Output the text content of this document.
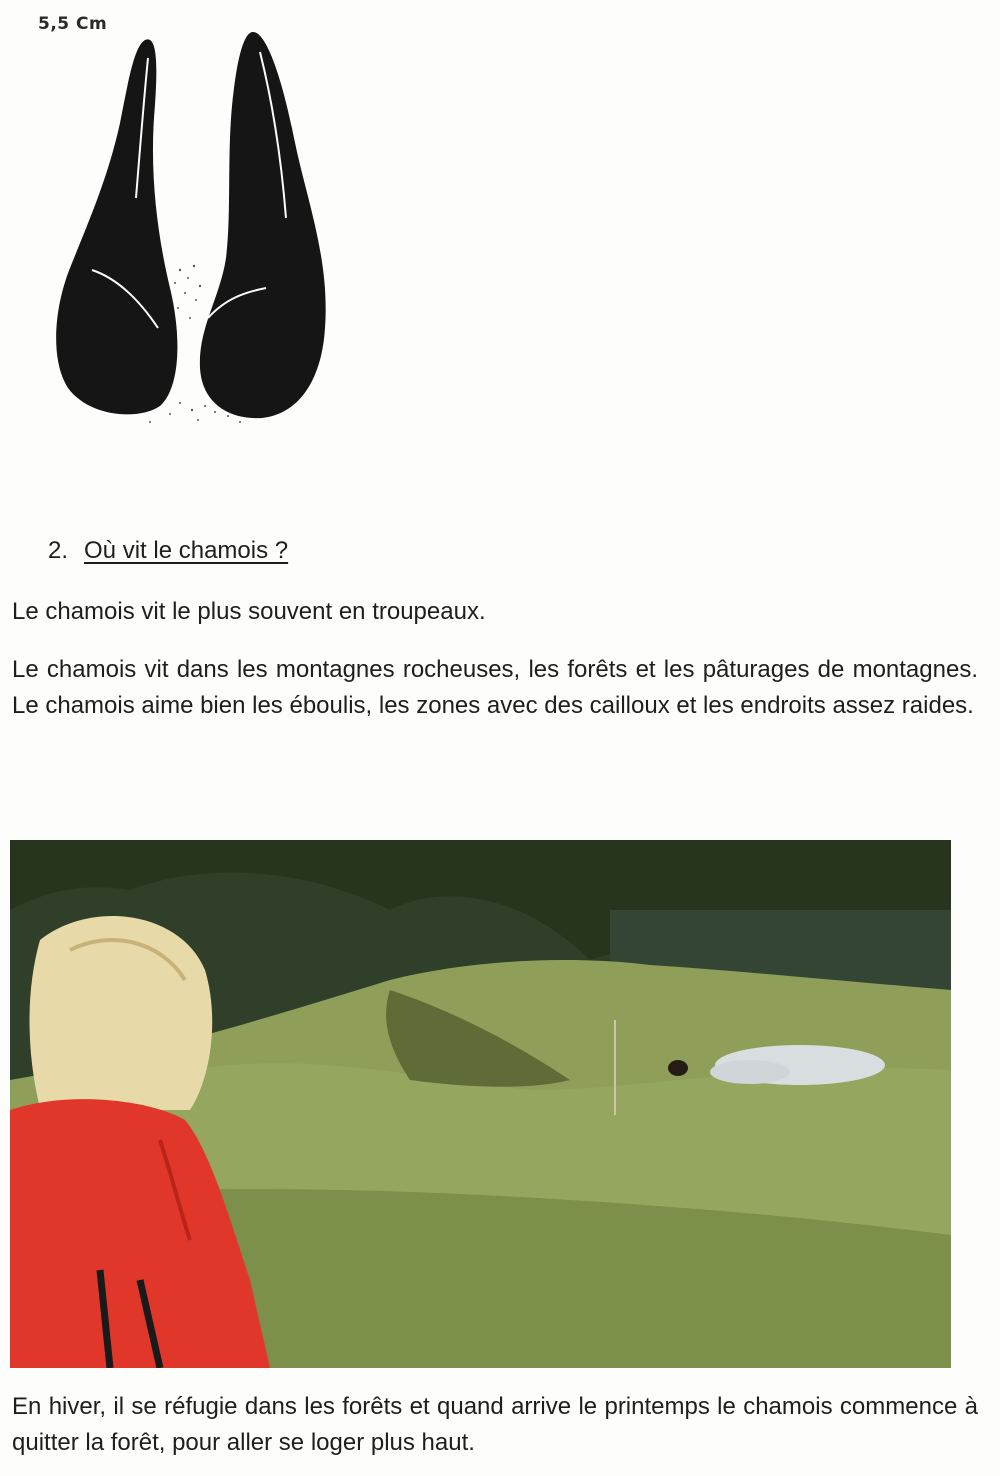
5,5 Cm
2. Où vit le chamois ?

Le chamois vit le plus souvent en troupeaux.

Le chamois vit dans les montagnes rocheuses, les forêts et les pâturages de montagnes. Le chamois aime bien les éboulis, les zones avec des cailloux et les endroits assez raides.

En hiver, il se réfugie dans les forêts et quand arrive le printemps le chamois commence à quitter la forêt, pour aller se loger plus haut.
